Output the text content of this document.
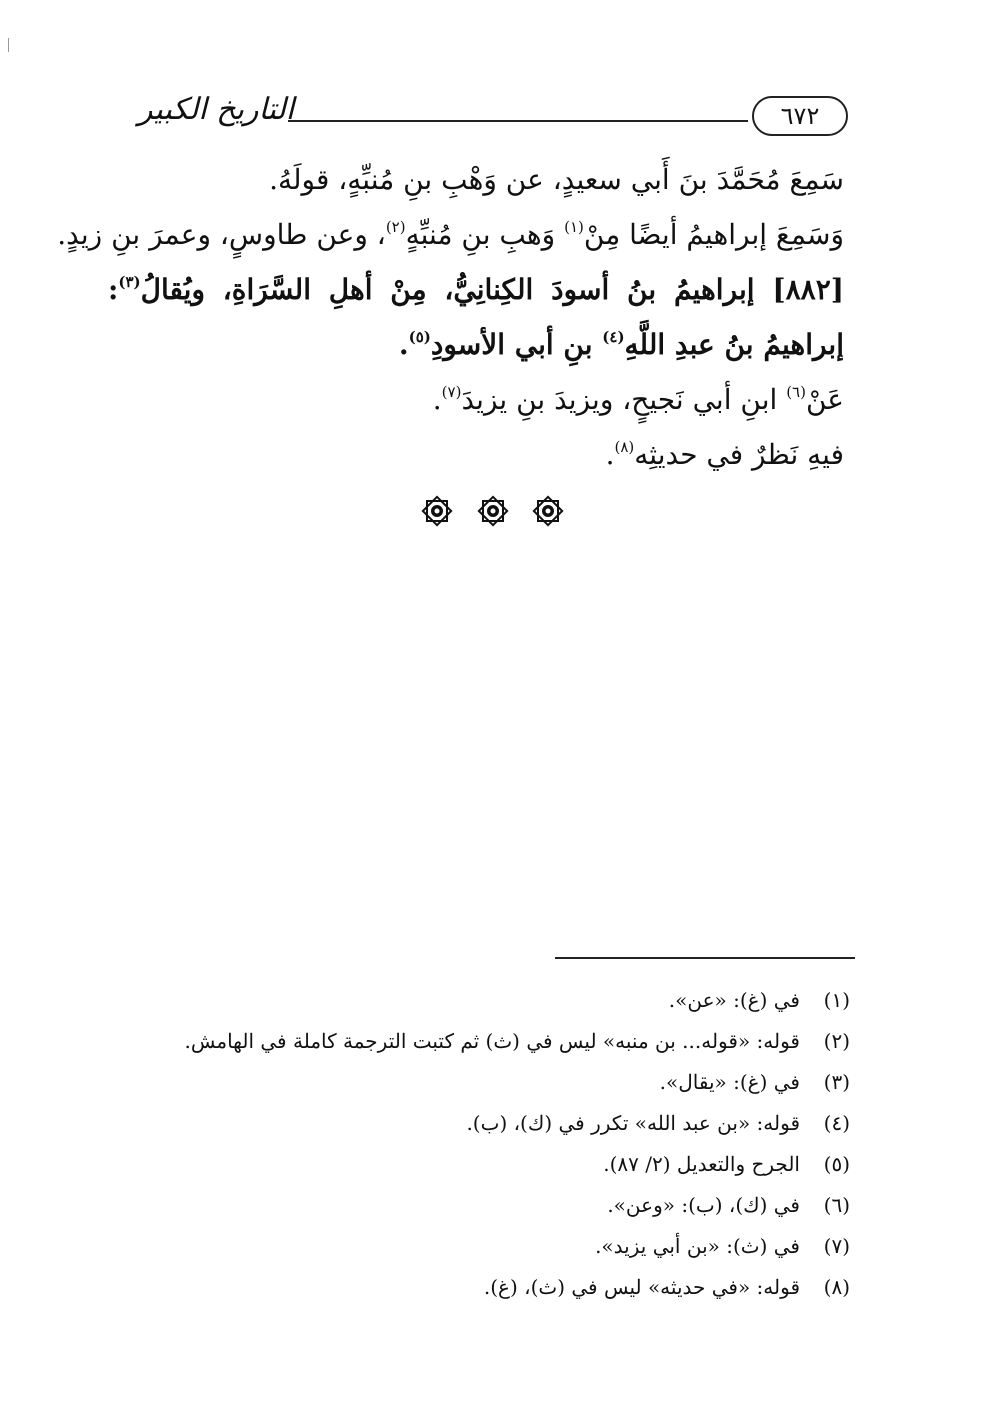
التاريخ الكبير	٦٧٢

سَمِعَ مُحَمَّدَ بنَ أَبي سعيدٍ، عن وَهْبِ بنِ مُنبِّهٍ، قولَهُ.

وَسَمِعَ إبراهيمُ أيضًا مِنْ$^{(١)}$ وَهبِ بنِ مُنبِّهٍ$^{(٢)}$، وعن طاوسٍ، وعمرَ بنِ زيدٍ.

[٨٨٢] إبراهيمُ بنُ أسودَ الكِنانِيُّ، مِنْ أهلِ السَّرَاةِ، ويُقالُ$^{(٣)}$: إبراهيمُ بنُ عبدِ اللَّهِ$^{(٤)}$ بنِ أبي الأسودِ$^{(٥)}$.

عَنْ$^{(٦)}$ ابنِ أبي نَجيحٍ، ويزيدَ بنِ يزيدَ$^{(٧)}$.

فيهِ نَظرٌ في حديثِه$^{(٨)}$.

(١)
في (غ): «عن».
(٢)
قوله: «قوله... بن منبه» ليس في (ث) ثم كتبت الترجمة كاملة في الهامش.
(٣)
في (غ): «يقال».
(٤)
قوله: «بن عبد الله» تكرر في (ك)، (ب).
(٥)
الجرح والتعديل (٢/ ٨٧).
(٦)
في (ك)، (ب): «وعن».
(٧)
في (ث): «بن أبي يزيد».
(٨)
قوله: «في حديثه» ليس في (ث)، (غ).
